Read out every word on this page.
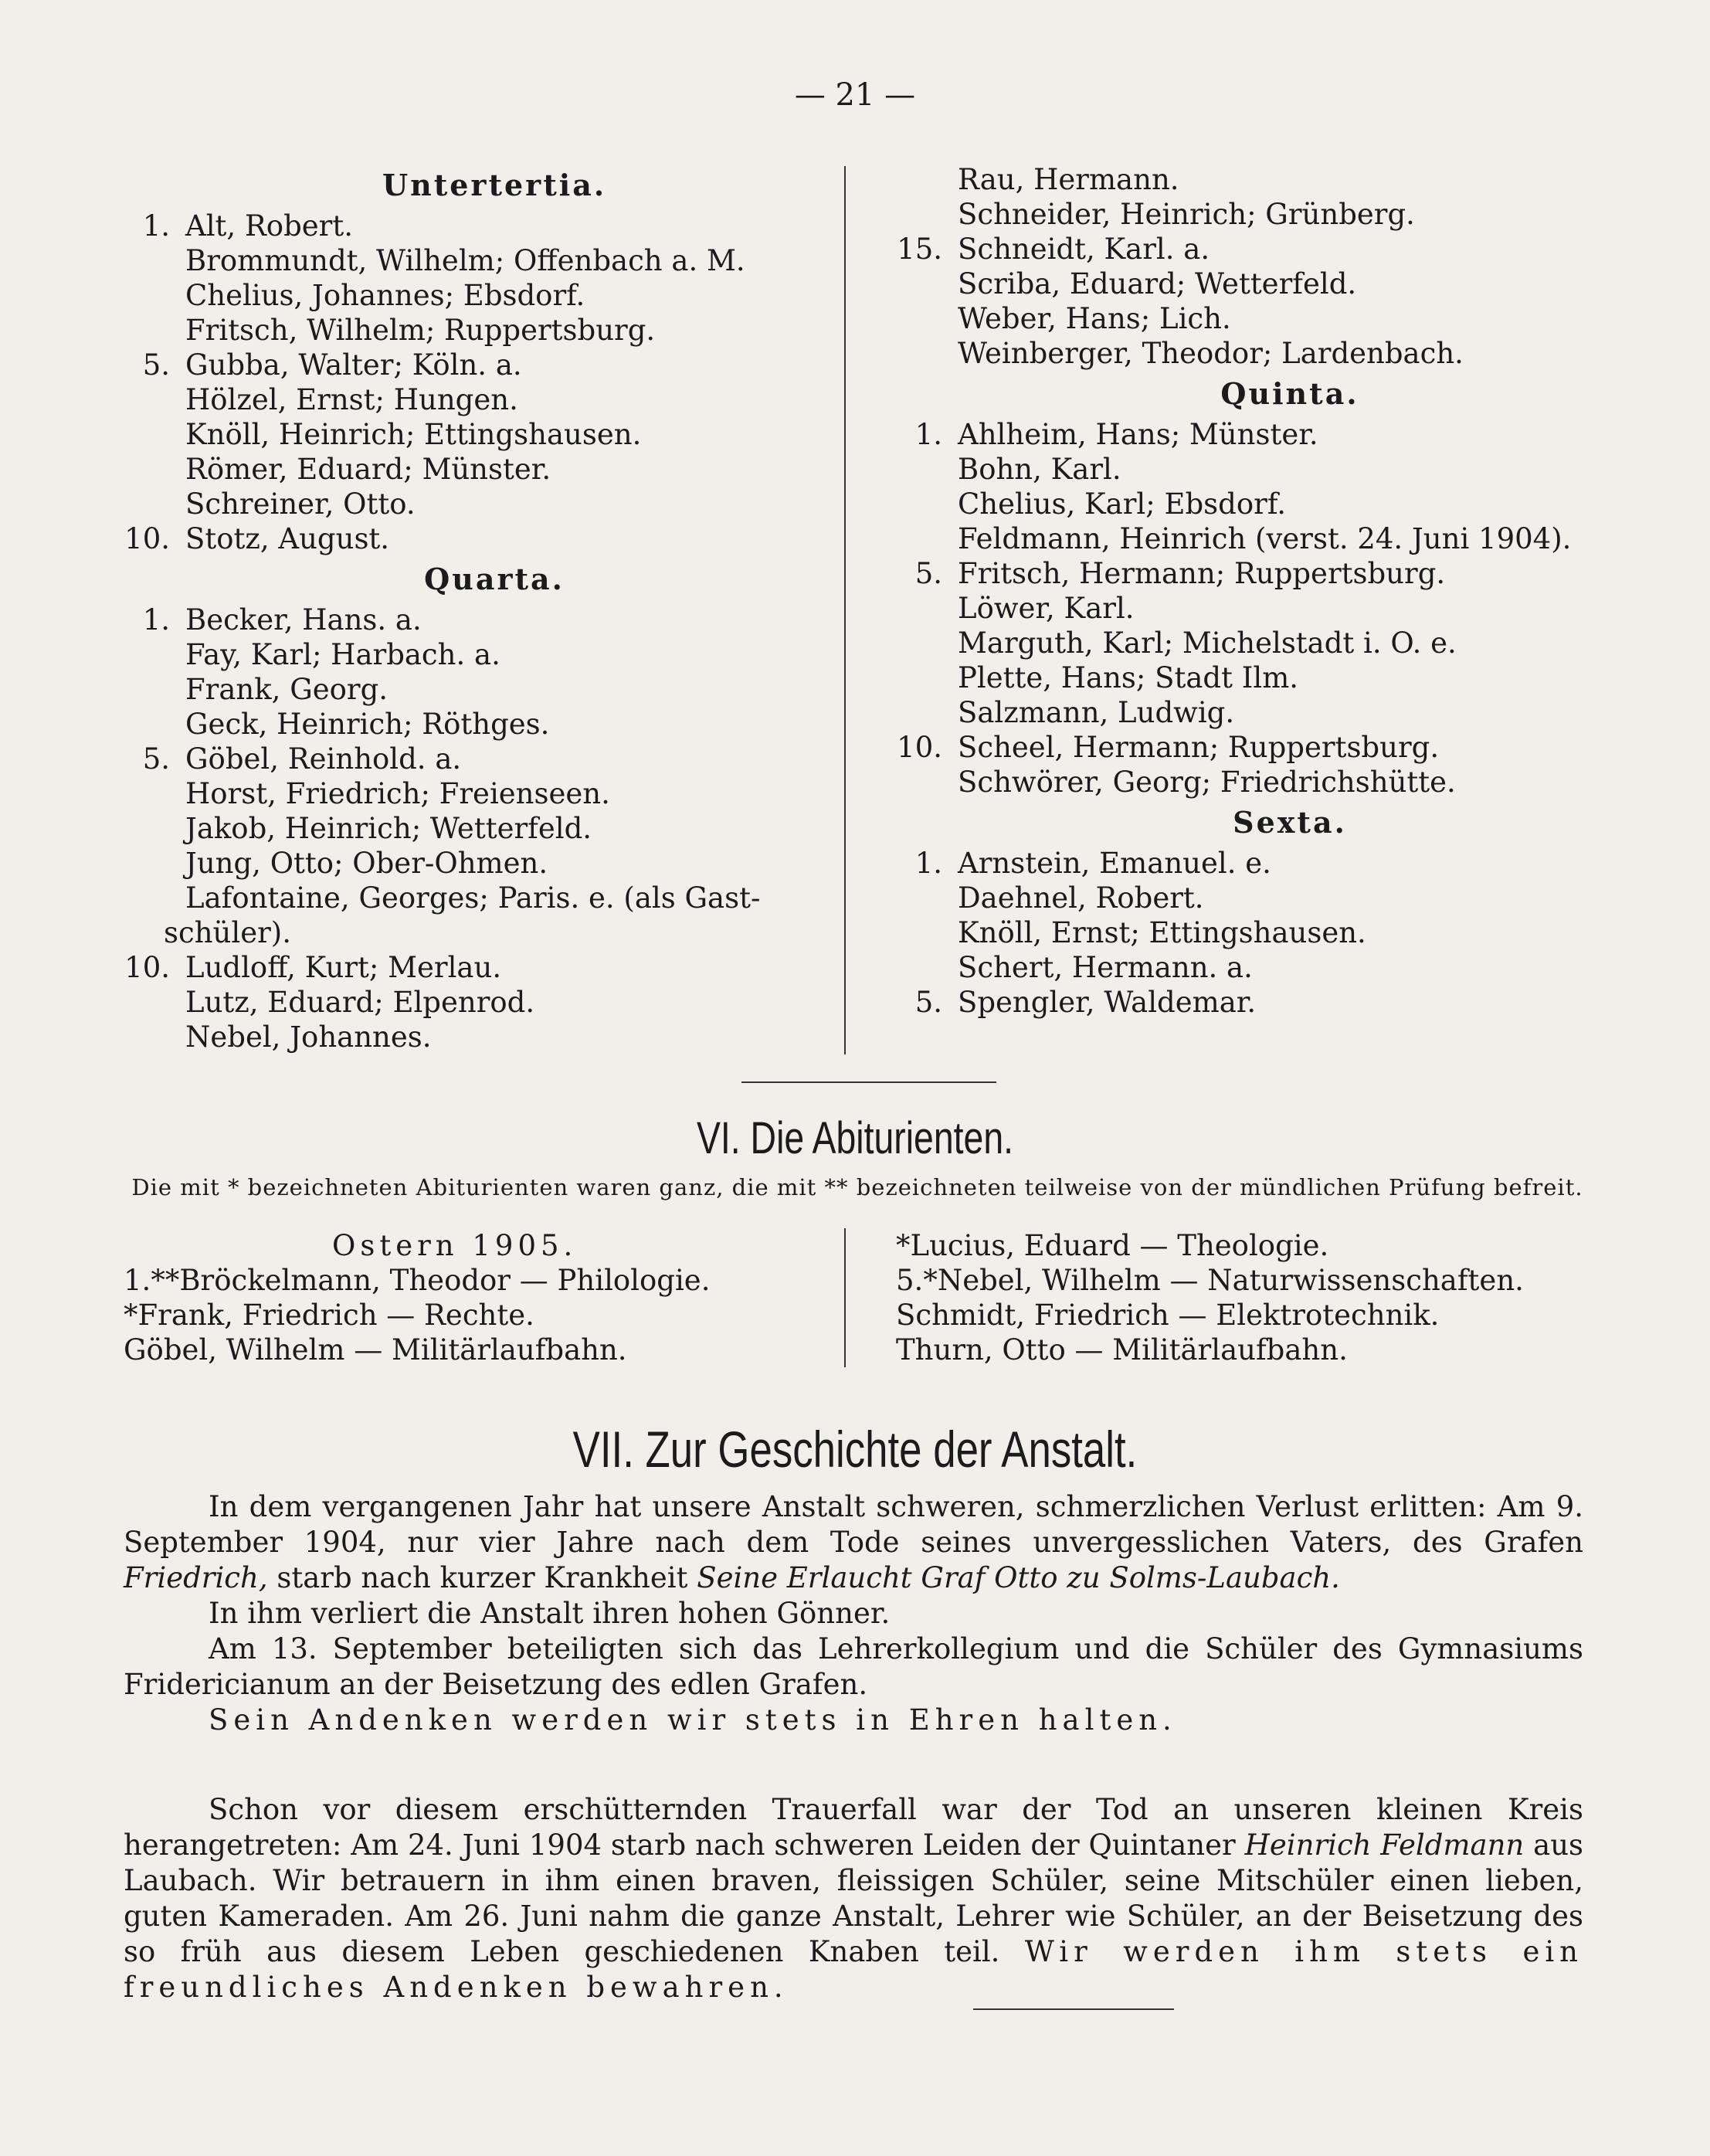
— 21 —
Untertertia.
1. Alt, Robert.
Brommundt, Wilhelm; Offenbach a. M.
Chelius, Johannes; Ebsdorf.
Fritsch, Wilhelm; Ruppertsburg.
5. Gubba, Walter; Köln. a.
Hölzel, Ernst; Hungen.
Knöll, Heinrich; Ettingshausen.
Römer, Eduard; Münster.
Schreiner, Otto.
10. Stotz, August.
Quarta.
1. Becker, Hans. a.
Fay, Karl; Harbach. a.
Frank, Georg.
Geck, Heinrich; Röthges.
5. Göbel, Reinhold. a.
Horst, Friedrich; Freienseen.
Jakob, Heinrich; Wetterfeld.
Jung, Otto; Ober-Ohmen.
Lafontaine, Georges; Paris. e. (als Gast-
schüler).
10. Ludloff, Kurt; Merlau.
Lutz, Eduard; Elpenrod.
Nebel, Johannes.
Rau, Hermann.
Schneider, Heinrich; Grünberg.
15. Schneidt, Karl. a.
Scriba, Eduard; Wetterfeld.
Weber, Hans; Lich.
Weinberger, Theodor; Lardenbach.
Quinta.
1. Ahlheim, Hans; Münster.
Bohn, Karl.
Chelius, Karl; Ebsdorf.
Feldmann, Heinrich (verst. 24. Juni 1904).
5. Fritsch, Hermann; Ruppertsburg.
Löwer, Karl.
Marguth, Karl; Michelstadt i. O. e.
Plette, Hans; Stadt Ilm.
Salzmann, Ludwig.
10. Scheel, Hermann; Ruppertsburg.
Schwörer, Georg; Friedrichshütte.
Sexta.
1. Arnstein, Emanuel. e.
Daehnel, Robert.
Knöll, Ernst; Ettingshausen.
Schert, Hermann. a.
5. Spengler, Waldemar.
VI. Die Abiturienten.
Die mit * bezeichneten Abiturienten waren ganz, die mit ** bezeichneten teilweise von der mündlichen Prüfung befreit.
Ostern 1905.
1.**Bröckelmann, Theodor — Philologie.
*Frank, Friedrich — Rechte.
Göbel, Wilhelm — Militärlaufbahn.
*Lucius, Eduard — Theologie.
5.*Nebel, Wilhelm — Naturwissenschaften.
Schmidt, Friedrich — Elektrotechnik.
Thurn, Otto — Militärlaufbahn.
VII. Zur Geschichte der Anstalt.
In dem vergangenen Jahr hat unsere Anstalt schweren, schmerzlichen Verlust erlitten: Am 9. September 1904, nur vier Jahre nach dem Tode seines unvergesslichen Vaters, des Grafen Friedrich, starb nach kurzer Krankheit Seine Erlaucht Graf Otto zu Solms-Laubach.
In ihm verliert die Anstalt ihren hohen Gönner.
Am 13. September beteiligten sich das Lehrerkollegium und die Schüler des Gymnasiums Fridericianum an der Beisetzung des edlen Grafen.
Sein Andenken werden wir stets in Ehren halten.
Schon vor diesem erschütternden Trauerfall war der Tod an unseren kleinen Kreis herangetreten: Am 24. Juni 1904 starb nach schweren Leiden der Quintaner Heinrich Feldmann aus Laubach. Wir betrauern in ihm einen braven, fleissigen Schüler, seine Mitschüler einen lieben, guten Kameraden. Am 26. Juni nahm die ganze Anstalt, Lehrer wie Schüler, an der Beisetzung des so früh aus diesem Leben geschiedenen Knaben teil. Wir werden ihm stets ein freundliches Andenken bewahren.
